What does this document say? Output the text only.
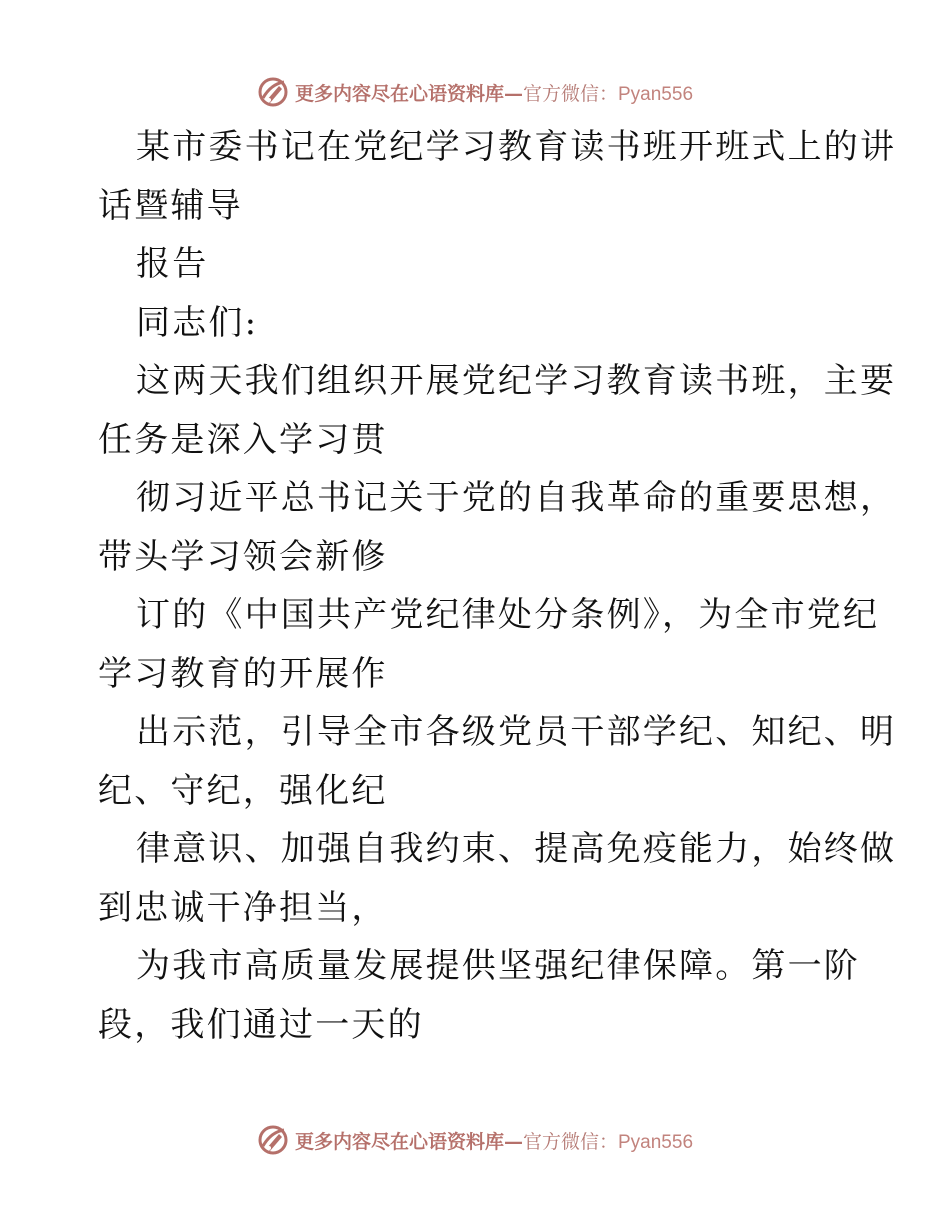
更多内容尽在心语资料库—官方微信：Pyan556
某市委书记在党纪学习教育读书班开班式上的讲
话暨辅导
报告
同志们:
这两天我们组织开展党纪学习教育读书班，主要
任务是深入学习贯
彻习近平总书记关于党的自我革命的重要思想，
带头学习领会新修
订的《中国共产党纪律处分条例》，为全市党纪
学习教育的开展作
出示范，引导全市各级党员干部学纪、知纪、明
纪、守纪，强化纪
律意识、加强自我约束、提高免疫能力，始终做
到忠诚干净担当，
为我市高质量发展提供坚强纪律保障。第一阶
段，我们通过一天的
更多内容尽在心语资料库—官方微信：Pyan556
